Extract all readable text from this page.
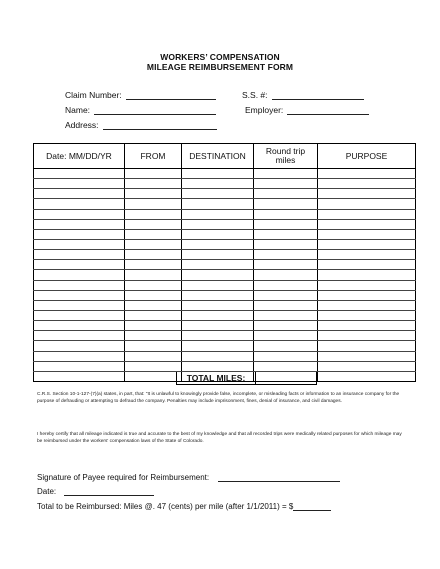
WORKERS’ COMPENSATION
MILEAGE REIMBURSEMENT FORM
Claim Number:	S.S. #:
Name:	Employer:
Address:
Date: MM/DD/YR	FROM	DESTINATION	Round trip miles	PURPOSE

TOTAL MILES:
C.R.S. Section 10-1-127-(7)(a) states, in part, that: "It is unlawful to knowingly provide false, incomplete, or misleading facts or information to an insurance company for the purpose of defrauding or attempting to defraud the company. Penalties may include imprisonment, fines, denial of insurance, and civil damages.
I hereby certify that all mileage indicated is true and accurate to the best of my knowledge and that all recorded trips were medically related purposes for which mileage may be reimbursed under the workers' compensation laws of the State of Colorado.
Signature of Payee required for Reimbursement:
Date:
Total to be Reimbursed: Miles @. 47 (cents) per mile (after 1/1/2011) = $
